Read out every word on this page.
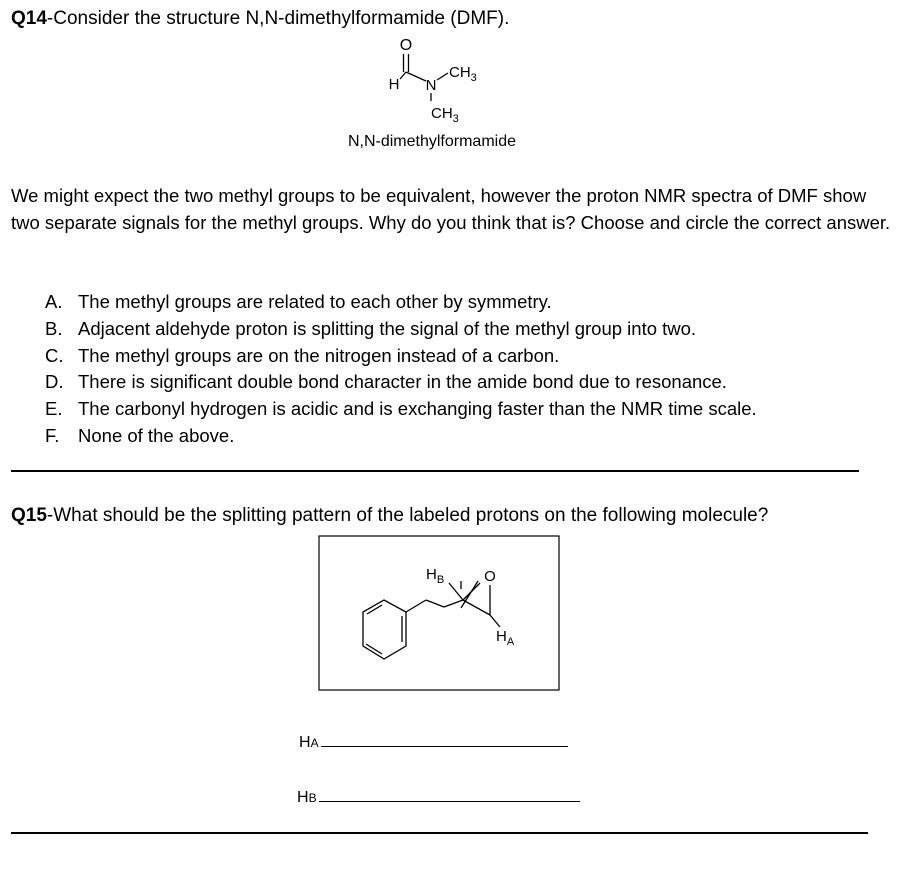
Q14-Consider the structure N,N-dimethylformamide (DMF).
O
H N
$CH_3$
$CH_3$
N,N-dimethylformamide
We might expect the two methyl groups to be equivalent, however the proton NMR spectra of DMF show two separate signals for the methyl groups. Why do you think that is? Choose and circle the correct answer.
A. The methyl groups are related to each other by symmetry.
B. Adjacent aldehyde proton is splitting the signal of the methyl group into two.
C. The methyl groups are on the nitrogen instead of a carbon.
D. There is significant double bond character in the amide bond due to resonance.
E. The carbonyl hydrogen is acidic and is exchanging faster than the NMR time scale.
F.	None of the above.
Q15-What should be the splitting pattern of the labeled protons on the following molecule?
$H_B$	O
$H_A$
HA
HB
